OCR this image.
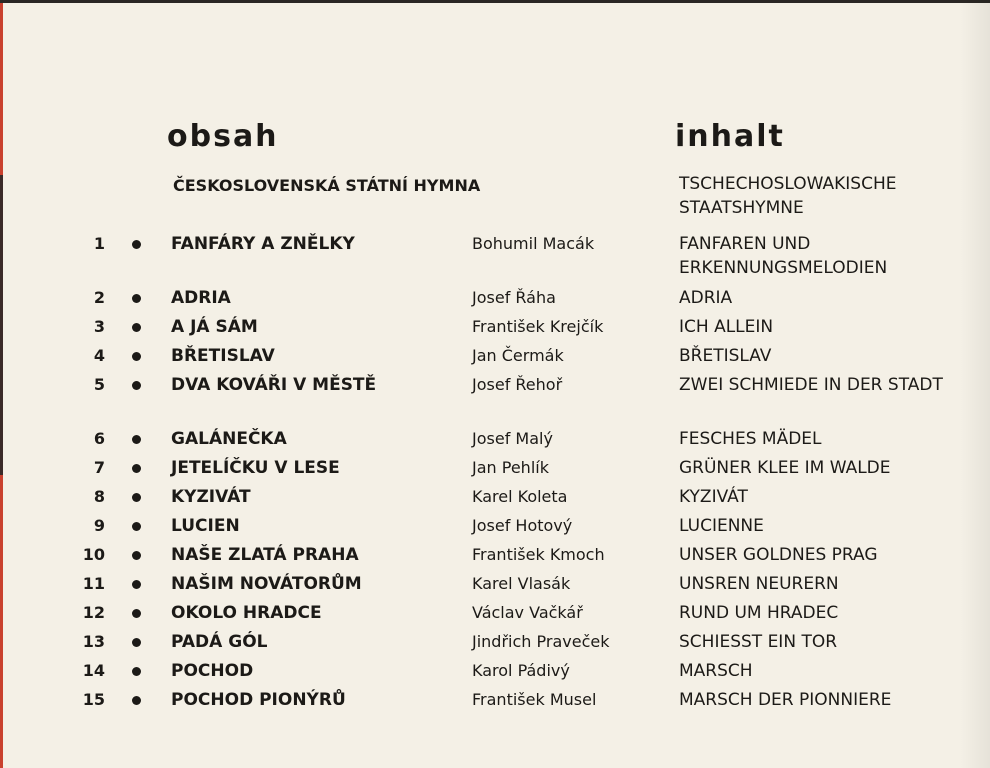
obsah	inhalt
ČESKOSLOVENSKÁ STÁTNÍ HYMNA	TSCHECHOSLOWAKISCHE STAATSHYMNE
1	FANFÁRY A ZNĚLKY	Bohumil Macák	FANFAREN UND ERKENNUNGSMELODIEN
2	ADRIA	Josef Řáha	ADRIA
3	A JÁ SÁM	František Krejčík	ICH ALLEIN
4	BŘETISLAV	Jan Čermák	BŘETISLAV
5	DVA KOVÁŘI V MĚSTĚ	Josef Řehoř	ZWEI SCHMIEDE IN DER STADT
6	GALÁNEČKA	Josef Malý	FESCHES MÄDEL
7	JETELÍČKU V LESE	Jan Pehlík	GRÜNER KLEE IM WALDE
8	KYZIVÁT	Karel Koleta	KYZIVÁT
9	LUCIEN	Josef Hotový	LUCIENNE
10	NAŠE ZLATÁ PRAHA	František Kmoch	UNSER GOLDNES PRAG
11	NAŠIM NOVÁTORŮM	Karel Vlasák	UNSREN NEURERN
12	OKOLO HRADCE	Václav Vačkář	RUND UM HRADEC
13	PADÁ GÓL	Jindřich Praveček	SCHIESST EIN TOR
14	POCHOD	Karol Pádivý	MARSCH
15	POCHOD PIONÝRŮ	František Musel	MARSCH DER PIONNIERE
